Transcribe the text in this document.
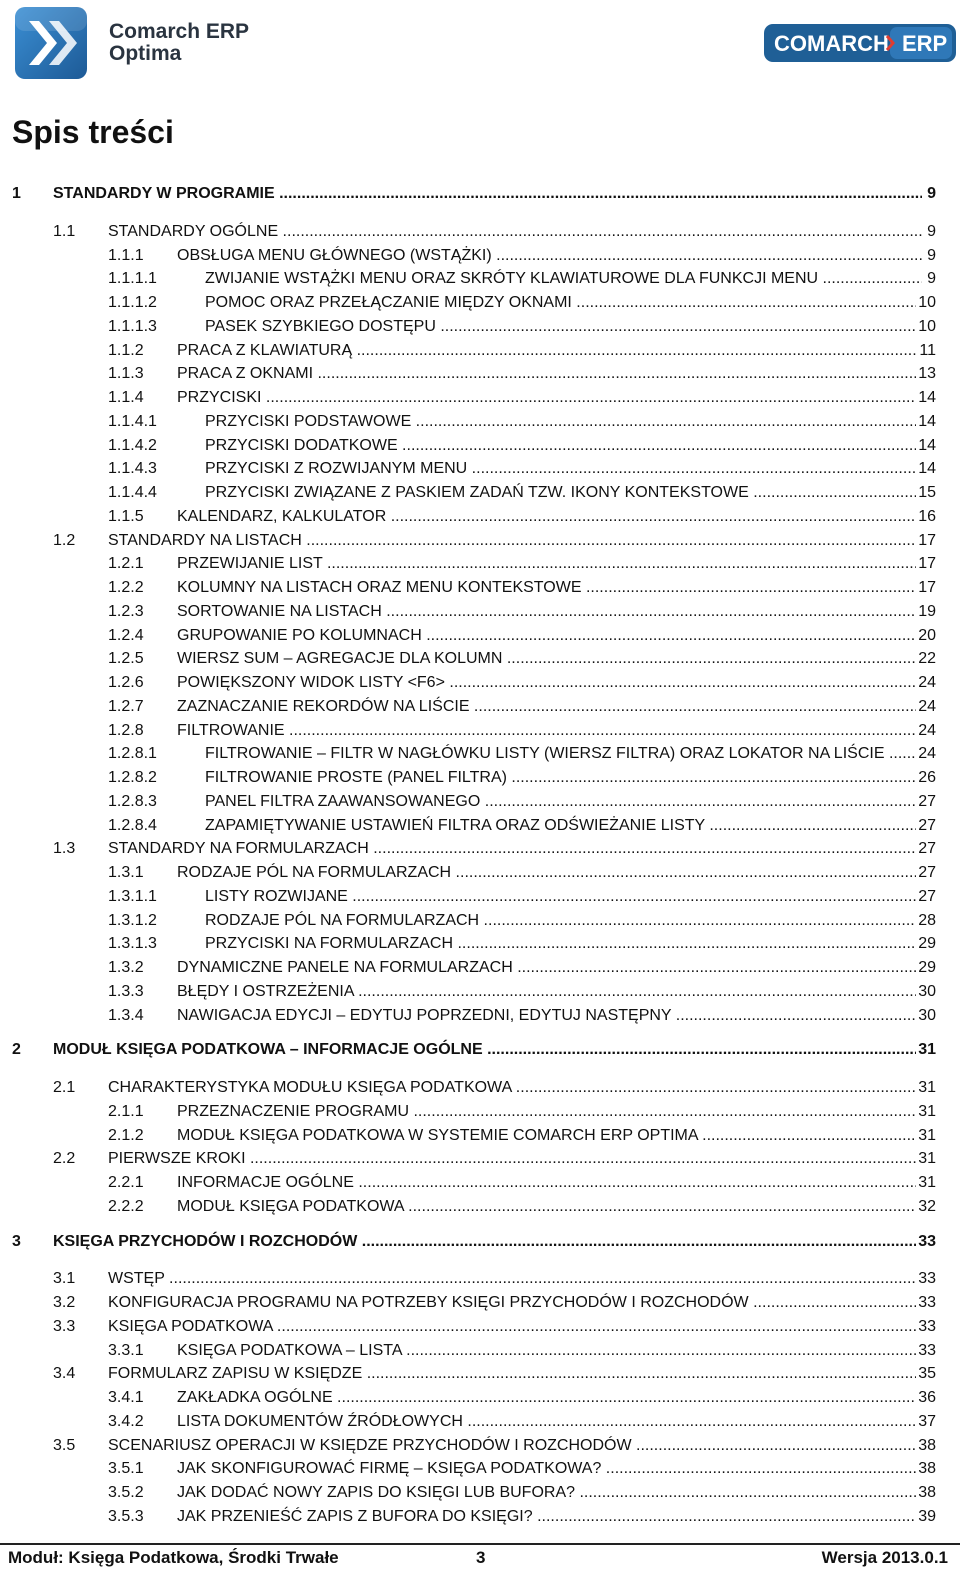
Comarch ERP
Optima	COMARCH ERP
Spis treści
1 STANDARDY W PROGRAMIE .....	9
1.1 STANDARDY OGÓLNE .....	9
1.1.1 OBSŁUGA MENU GŁÓWNEGO (WSTĄŻKI) .....	9
1.1.1.1	ZWIJANIE WSTĄŻKI MENU ORAZ SKRÓTY KLAWIATUROWE DLA FUNKCJI MENU .....	9
1.1.1.2	POMOC ORAZ PRZEŁĄCZANIE MIĘDZY OKNAMI .....	10
1.1.1.3	PASEK SZYBKIEGO DOSTĘPU .....	10
1.1.2 PRACA Z KLAWIATURĄ .....	11
1.1.3 PRACA Z OKNAMI .....	13
1.1.4 PRZYCISKI .....	14
1.1.4.1	PRZYCISKI PODSTAWOWE .....	14
1.1.4.2	PRZYCISKI DODATKOWE .....	14
1.1.4.3	PRZYCISKI Z ROZWIJANYM MENU .....	14
1.1.4.4	PRZYCISKI ZWIĄZANE Z PASKIEM ZADAŃ TZW. IKONY KONTEKSTOWE .....	15
1.1.5 KALENDARZ, KALKULATOR .....	16
1.2 STANDARDY NA LISTACH .....	17
1.2.1 PRZEWIJANIE LIST .....	17
1.2.2 KOLUMNY NA LISTACH ORAZ MENU KONTEKSTOWE .....	17
1.2.3 SORTOWANIE NA LISTACH .....	19
1.2.4 GRUPOWANIE PO KOLUMNACH .....	20
1.2.5 WIERSZ SUM – AGREGACJE DLA KOLUMN .....	22
1.2.6 POWIĘKSZONY WIDOK LISTY <F6> .....	24
1.2.7 ZAZNACZANIE REKORDÓW NA LIŚCIE .....	24
1.2.8 FILTROWANIE .....	24
1.2.8.1	FILTROWANIE – FILTR W NAGŁÓWKU LISTY (WIERSZ FILTRA) ORAZ LOKATOR NA LIŚCIE .....	24
1.2.8.2	FILTROWANIE PROSTE (PANEL FILTRA) .....	26
1.2.8.3	PANEL FILTRA ZAAWANSOWANEGO .....	27
1.2.8.4	ZAPAMIĘTYWANIE USTAWIEŃ FILTRA ORAZ ODŚWIEŻANIE LISTY .....	27
1.3 STANDARDY NA FORMULARZACH .....	27
1.3.1 RODZAJE PÓL NA FORMULARZACH .....	27
1.3.1.1	LISTY ROZWIJANE .....	27
1.3.1.2	RODZAJE PÓL NA FORMULARZACH .....	28
1.3.1.3	PRZYCISKI NA FORMULARZACH .....	29
1.3.2 DYNAMICZNE PANELE NA FORMULARZACH .....	29
1.3.3 BŁĘDY I OSTRZEŻENIA .....	30
1.3.4 NAWIGACJA EDYCJI – EDYTUJ POPRZEDNI, EDYTUJ NASTĘPNY .....	30
2 MODUŁ KSIĘGA PODATKOWA – INFORMACJE OGÓLNE .....	31
2.1 CHARAKTERYSTYKA MODUŁU KSIĘGA PODATKOWA .....	31
2.1.1 PRZEZNACZENIE PROGRAMU .....	31
2.1.2 MODUŁ KSIĘGA PODATKOWA W SYSTEMIE COMARCH ERP OPTIMA .....	31
2.2 PIERWSZE KROKI .....	31
2.2.1 INFORMACJE OGÓLNE .....	31
2.2.2 MODUŁ KSIĘGA PODATKOWA .....	32
3 KSIĘGA PRZYCHODÓW I ROZCHODÓW .....	33
3.1 WSTĘP .....	33
3.2 KONFIGURACJA PROGRAMU NA POTRZEBY KSIĘGI PRZYCHODÓW I ROZCHODÓW .....	33
3.3 KSIĘGA PODATKOWA .....	33
3.3.1 KSIĘGA PODATKOWA – LISTA .....	33
3.4 FORMULARZ ZAPISU W KSIĘDZE .....	35
3.4.1 ZAKŁADKA OGÓLNE .....	36
3.4.2 LISTA DOKUMENTÓW ŹRÓDŁOWYCH .....	37
3.5 SCENARIUSZ OPERACJI W KSIĘDZE PRZYCHODÓW I ROZCHODÓW .....	38
3.5.1 JAK SKONFIGUROWAĆ FIRMĘ – KSIĘGA PODATKOWA? .....	38
3.5.2 JAK DODAĆ NOWY ZAPIS DO KSIĘGI LUB BUFORA? .....	38
3.5.3 JAK PRZENIEŚĆ ZAPIS Z BUFORA DO KSIĘGI? .....	39
Moduł: Księga Podatkowa, Środki Trwałe	3	Wersja 2013.0.1
